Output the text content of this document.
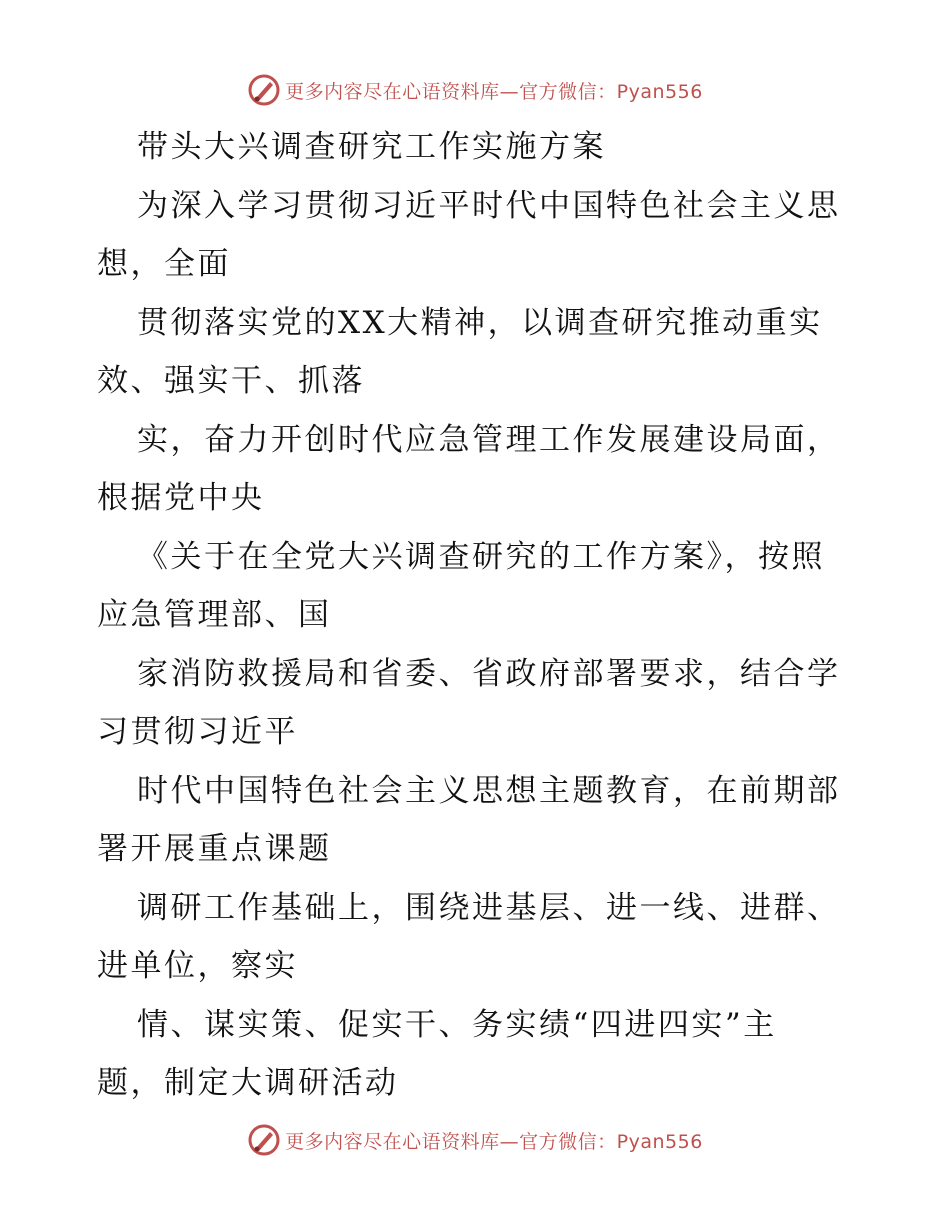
更多内容尽在心语资料库—官方微信：Pyan556
带头大兴调查研究工作实施方案
为深入学习贯彻习近平时代中国特色社会主义思
想，全面
贯彻落实党的XX大精神，以调查研究推动重实
效、强实干、抓落
实，奋力开创时代应急管理工作发展建设局面，
根据党中央
《关于在全党大兴调查研究的工作方案》，按照
应急管理部、国
家消防救援局和省委、省政府部署要求，结合学
习贯彻习近平
时代中国特色社会主义思想主题教育，在前期部
署开展重点课题
调研工作基础上，围绕进基层、进一线、进群、
进单位，察实
情、谋实策、促实干、务实绩“四进四实”主
题，制定大调研活动
更多内容尽在心语资料库—官方微信：Pyan556
